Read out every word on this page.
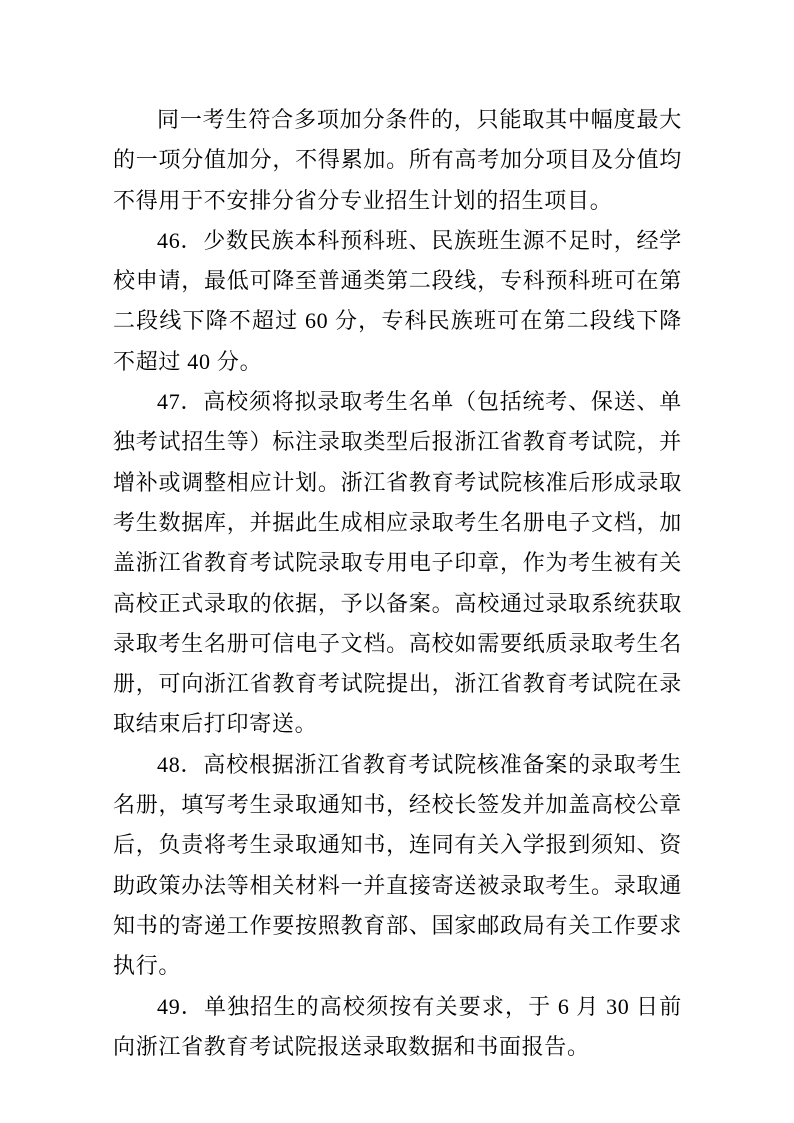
同一考生符合多项加分条件的，只能取其中幅度最大的一项分值加分，不得累加。所有高考加分项目及分值均不得用于不安排分省分专业招生计划的招生项目。

46．少数民族本科预科班、民族班生源不足时，经学校申请，最低可降至普通类第二段线，专科预科班可在第二段线下降不超过 60 分，专科民族班可在第二段线下降不超过 40 分。

47．高校须将拟录取考生名单（包括统考、保送、单独考试招生等）标注录取类型后报浙江省教育考试院，并增补或调整相应计划。浙江省教育考试院核准后形成录取考生数据库，并据此生成相应录取考生名册电子文档，加盖浙江省教育考试院录取专用电子印章，作为考生被有关高校正式录取的依据，予以备案。高校通过录取系统获取录取考生名册可信电子文档。高校如需要纸质录取考生名册，可向浙江省教育考试院提出，浙江省教育考试院在录取结束后打印寄送。

48．高校根据浙江省教育考试院核准备案的录取考生名册，填写考生录取通知书，经校长签发并加盖高校公章后，负责将考生录取通知书，连同有关入学报到须知、资助政策办法等相关材料一并直接寄送被录取考生。录取通知书的寄递工作要按照教育部、国家邮政局有关工作要求执行。

49．单独招生的高校须按有关要求，于 6 月 30 日前向浙江省教育考试院报送录取数据和书面报告。
